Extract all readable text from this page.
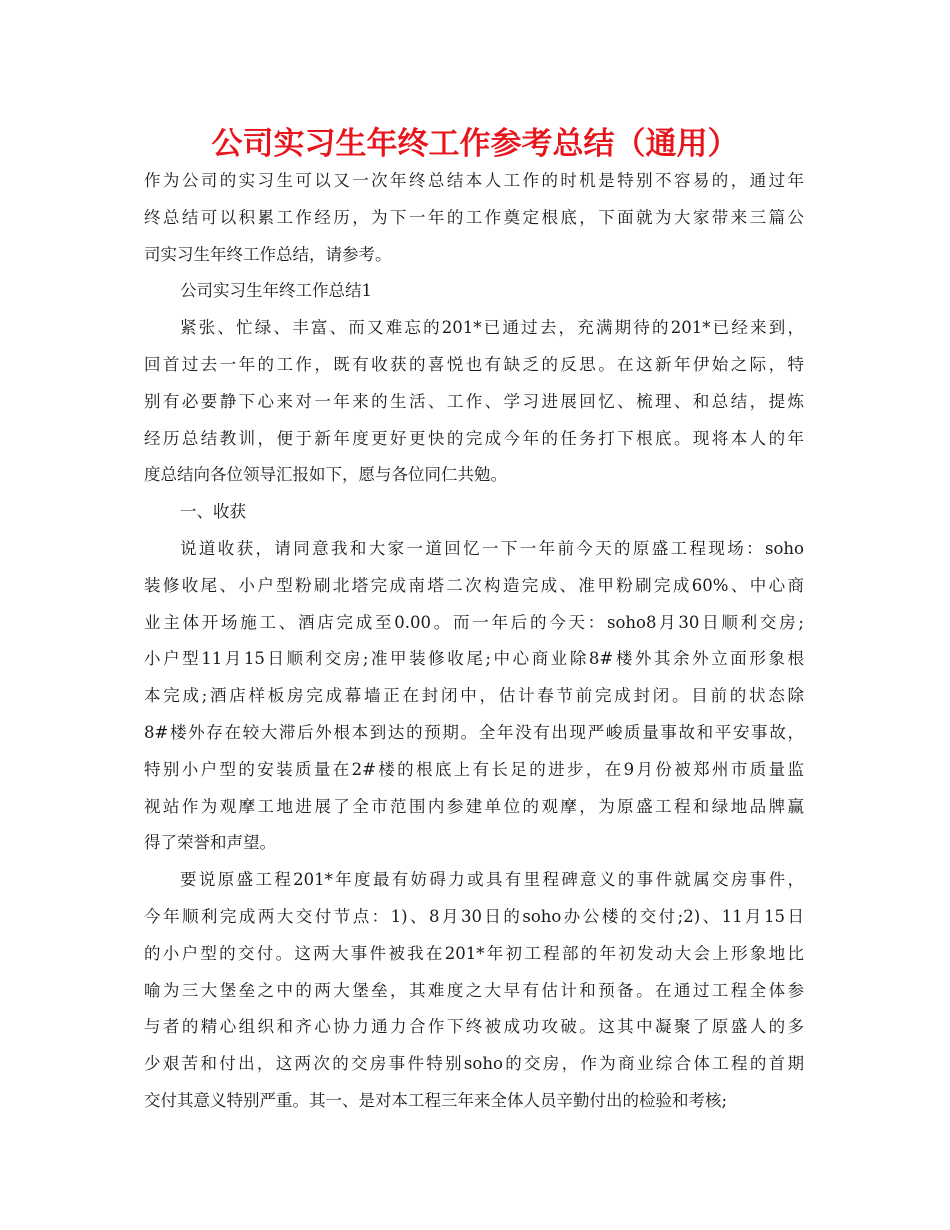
公司实习生年终工作参考总结（通用）
作为公司的实习生可以又一次年终总结本人工作的时机是特别不容易的，通过年
终总结可以积累工作经历，为下一年的工作奠定根底，下面就为大家带来三篇公
司实习生年终工作总结，请参考。
公司实习生年终工作总结1
紧张、忙绿、丰富、而又难忘的201*已通过去，充满期待的201*已经来到，
回首过去一年的工作，既有收获的喜悦也有缺乏的反思。在这新年伊始之际，特
别有必要静下心来对一年来的生活、工作、学习进展回忆、梳理、和总结，提炼
经历总结教训，便于新年度更好更快的完成今年的任务打下根底。现将本人的年
度总结向各位领导汇报如下，愿与各位同仁共勉。
一、收获
说道收获，请同意我和大家一道回忆一下一年前今天的原盛工程现场：soho
装修收尾、小户型粉刷北塔完成南塔二次构造完成、准甲粉刷完成60%、中心商
业主体开场施工、酒店完成至0.00。而一年后的今天：soho8月30日顺利交房;
小户型11月15日顺利交房;准甲装修收尾;中心商业除8#楼外其余外立面形象根
本完成;酒店样板房完成幕墙正在封闭中，估计春节前完成封闭。目前的状态除
8#楼外存在较大滞后外根本到达的预期。全年没有出现严峻质量事故和平安事故，
特别小户型的安装质量在2#楼的根底上有长足的进步，在9月份被郑州市质量监
视站作为观摩工地进展了全市范围内参建单位的观摩，为原盛工程和绿地品牌赢
得了荣誉和声望。
要说原盛工程201*年度最有妨碍力或具有里程碑意义的事件就属交房事件，
今年顺利完成两大交付节点：1)、8月30日的soho办公楼的交付;2)、11月15日
的小户型的交付。这两大事件被我在201*年初工程部的年初发动大会上形象地比
喻为三大堡垒之中的两大堡垒，其难度之大早有估计和预备。在通过工程全体参
与者的精心组织和齐心协力通力合作下终被成功攻破。这其中凝聚了原盛人的多
少艰苦和付出，这两次的交房事件特别soho的交房，作为商业综合体工程的首期
交付其意义特别严重。其一、是对本工程三年来全体人员辛勤付出的检验和考核;
